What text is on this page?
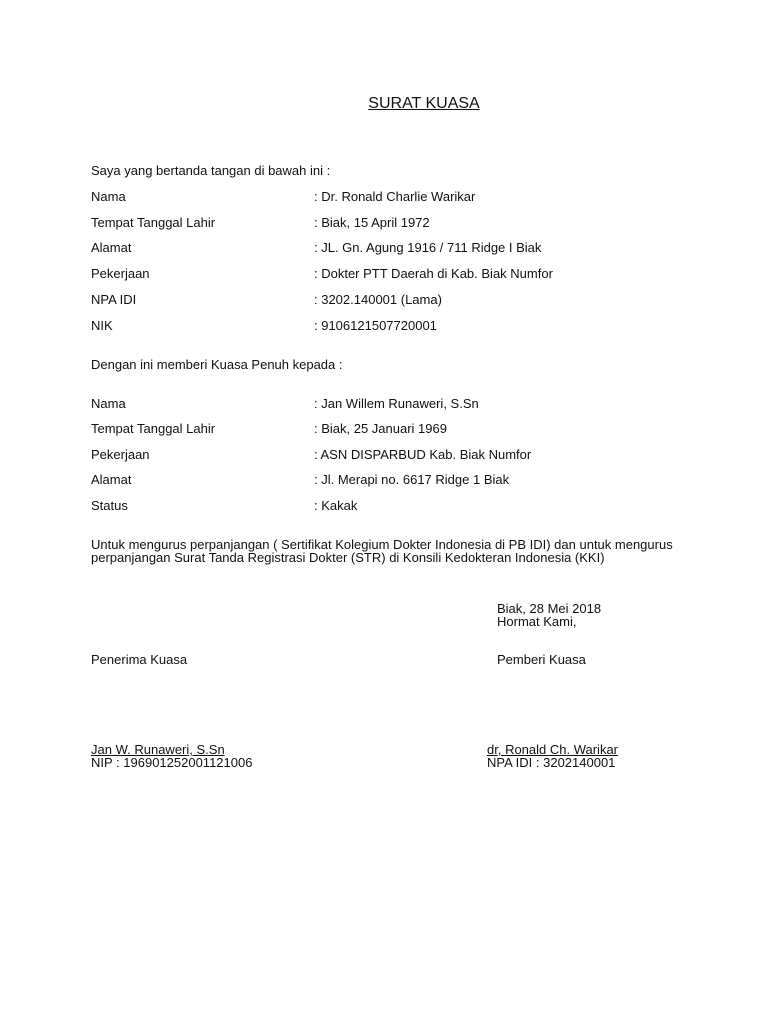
SURAT KUASA
Saya yang bertanda tangan di bawah ini :
Nama	: Dr. Ronald Charlie Warikar
Tempat Tanggal Lahir	: Biak, 15 April 1972
Alamat	: JL. Gn. Agung 1916 / 711 Ridge I Biak
Pekerjaan	: Dokter PTT Daerah di Kab. Biak Numfor
NPA IDI	: 3202.140001 (Lama)
NIK	: 9106121507720001
Dengan ini memberi Kuasa Penuh kepada :
Nama	: Jan Willem Runaweri, S.Sn
Tempat Tanggal Lahir	: Biak, 25 Januari 1969
Pekerjaan	: ASN DISPARBUD Kab. Biak Numfor
Alamat	: Jl. Merapi no. 6617 Ridge 1 Biak
Status	: Kakak
Untuk mengurus perpanjangan ( Sertifikat Kolegium Dokter Indonesia di PB IDI) dan untuk mengurus
perpanjangan Surat Tanda Registrasi Dokter (STR) di Konsili Kedokteran Indonesia (KKI)
Biak, 28 Mei 2018
Hormat Kami,
Penerima Kuasa	Pemberi Kuasa
Jan W. Runaweri, S.Sn
NIP : 196901252001121006
dr, Ronald Ch. Warikar
NPA IDI : 3202140001
